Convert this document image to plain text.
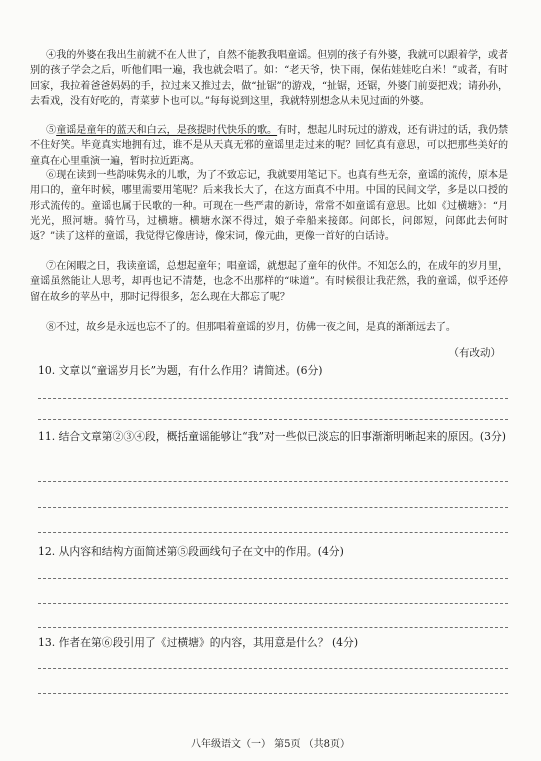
④我的外婆在我出生前就不在人世了，自然不能教我唱童谣。但别的孩子有外婆，我就可以跟着学，或者别的孩子学会之后，听他们唱一遍，我也就会唱了。如：“老天爷，快下雨，保佑娃娃吃白米！”或者，有时回家，我拉着爸爸妈妈的手，拉过来又推过去，做“扯锯”的游戏，“扯锯，还锯，外婆门前耍把戏；请孙孙，去看戏，没有好吃的，青菜萝卜也可以。”每每说到这里，我就特别想念从未见过面的外婆。

⑤童谣是童年的蓝天和白云，是孩提时代快乐的歌。有时，想起儿时玩过的游戏，还有讲过的话，我仍禁不住好笑。毕竟真实地拥有过，谁不是从天真无邪的童谣里走过来的呢？回忆真有意思，可以把那些美好的童真在心里重演一遍，暂时拉近距离。

⑥现在读到一些韵味隽永的儿歌，为了不致忘记，我就要用笔记下。也真有些无奈，童谣的流传，原本是用口的，童年时候，哪里需要用笔呢？后来我长大了，在这方面真不中用。中国的民间文学，多是以口授的形式流传的。童谣也属于民歌的一种。可现在一些严肃的新诗，常常不如童谣有意思。比如《过横塘》：“月光光，照河塘。骑竹马，过横塘。横塘水深不得过，娘子牵船来接郎。问郎长，问郎短，问郎此去何时返？”读了这样的童谣，我觉得它像唐诗，像宋词，像元曲，更像一首好的白话诗。

⑦在闲暇之日，我读童谣，总想起童年；唱童谣，就想起了童年的伙伴。不知怎么的，在成年的岁月里，童谣虽然能让人思考，却再也记不清楚，也念不出那样的“味道”。有时候很让我茫然，我的童谣，似乎还停留在故乡的苹丛中，那时记得很多，怎么现在大都忘了呢？

⑧不过，故乡是永远也忘不了的。但那唱着童谣的岁月，仿佛一夜之间，是真的渐渐远去了。

（有改动）

10. 文章以“童谣岁月长”为题，有什么作用？请简述。(6分)

11. 结合文章第②③④段，概括童谣能够让“我”对一些似已淡忘的旧事渐渐明晰起来的原因。(3分)

12. 从内容和结构方面简述第⑤段画线句子在文中的作用。(4分)

13. 作者在第⑥段引用了《过横塘》的内容，其用意是什么？ (4分)

八年级语文（一） 第5页 （共8页）
